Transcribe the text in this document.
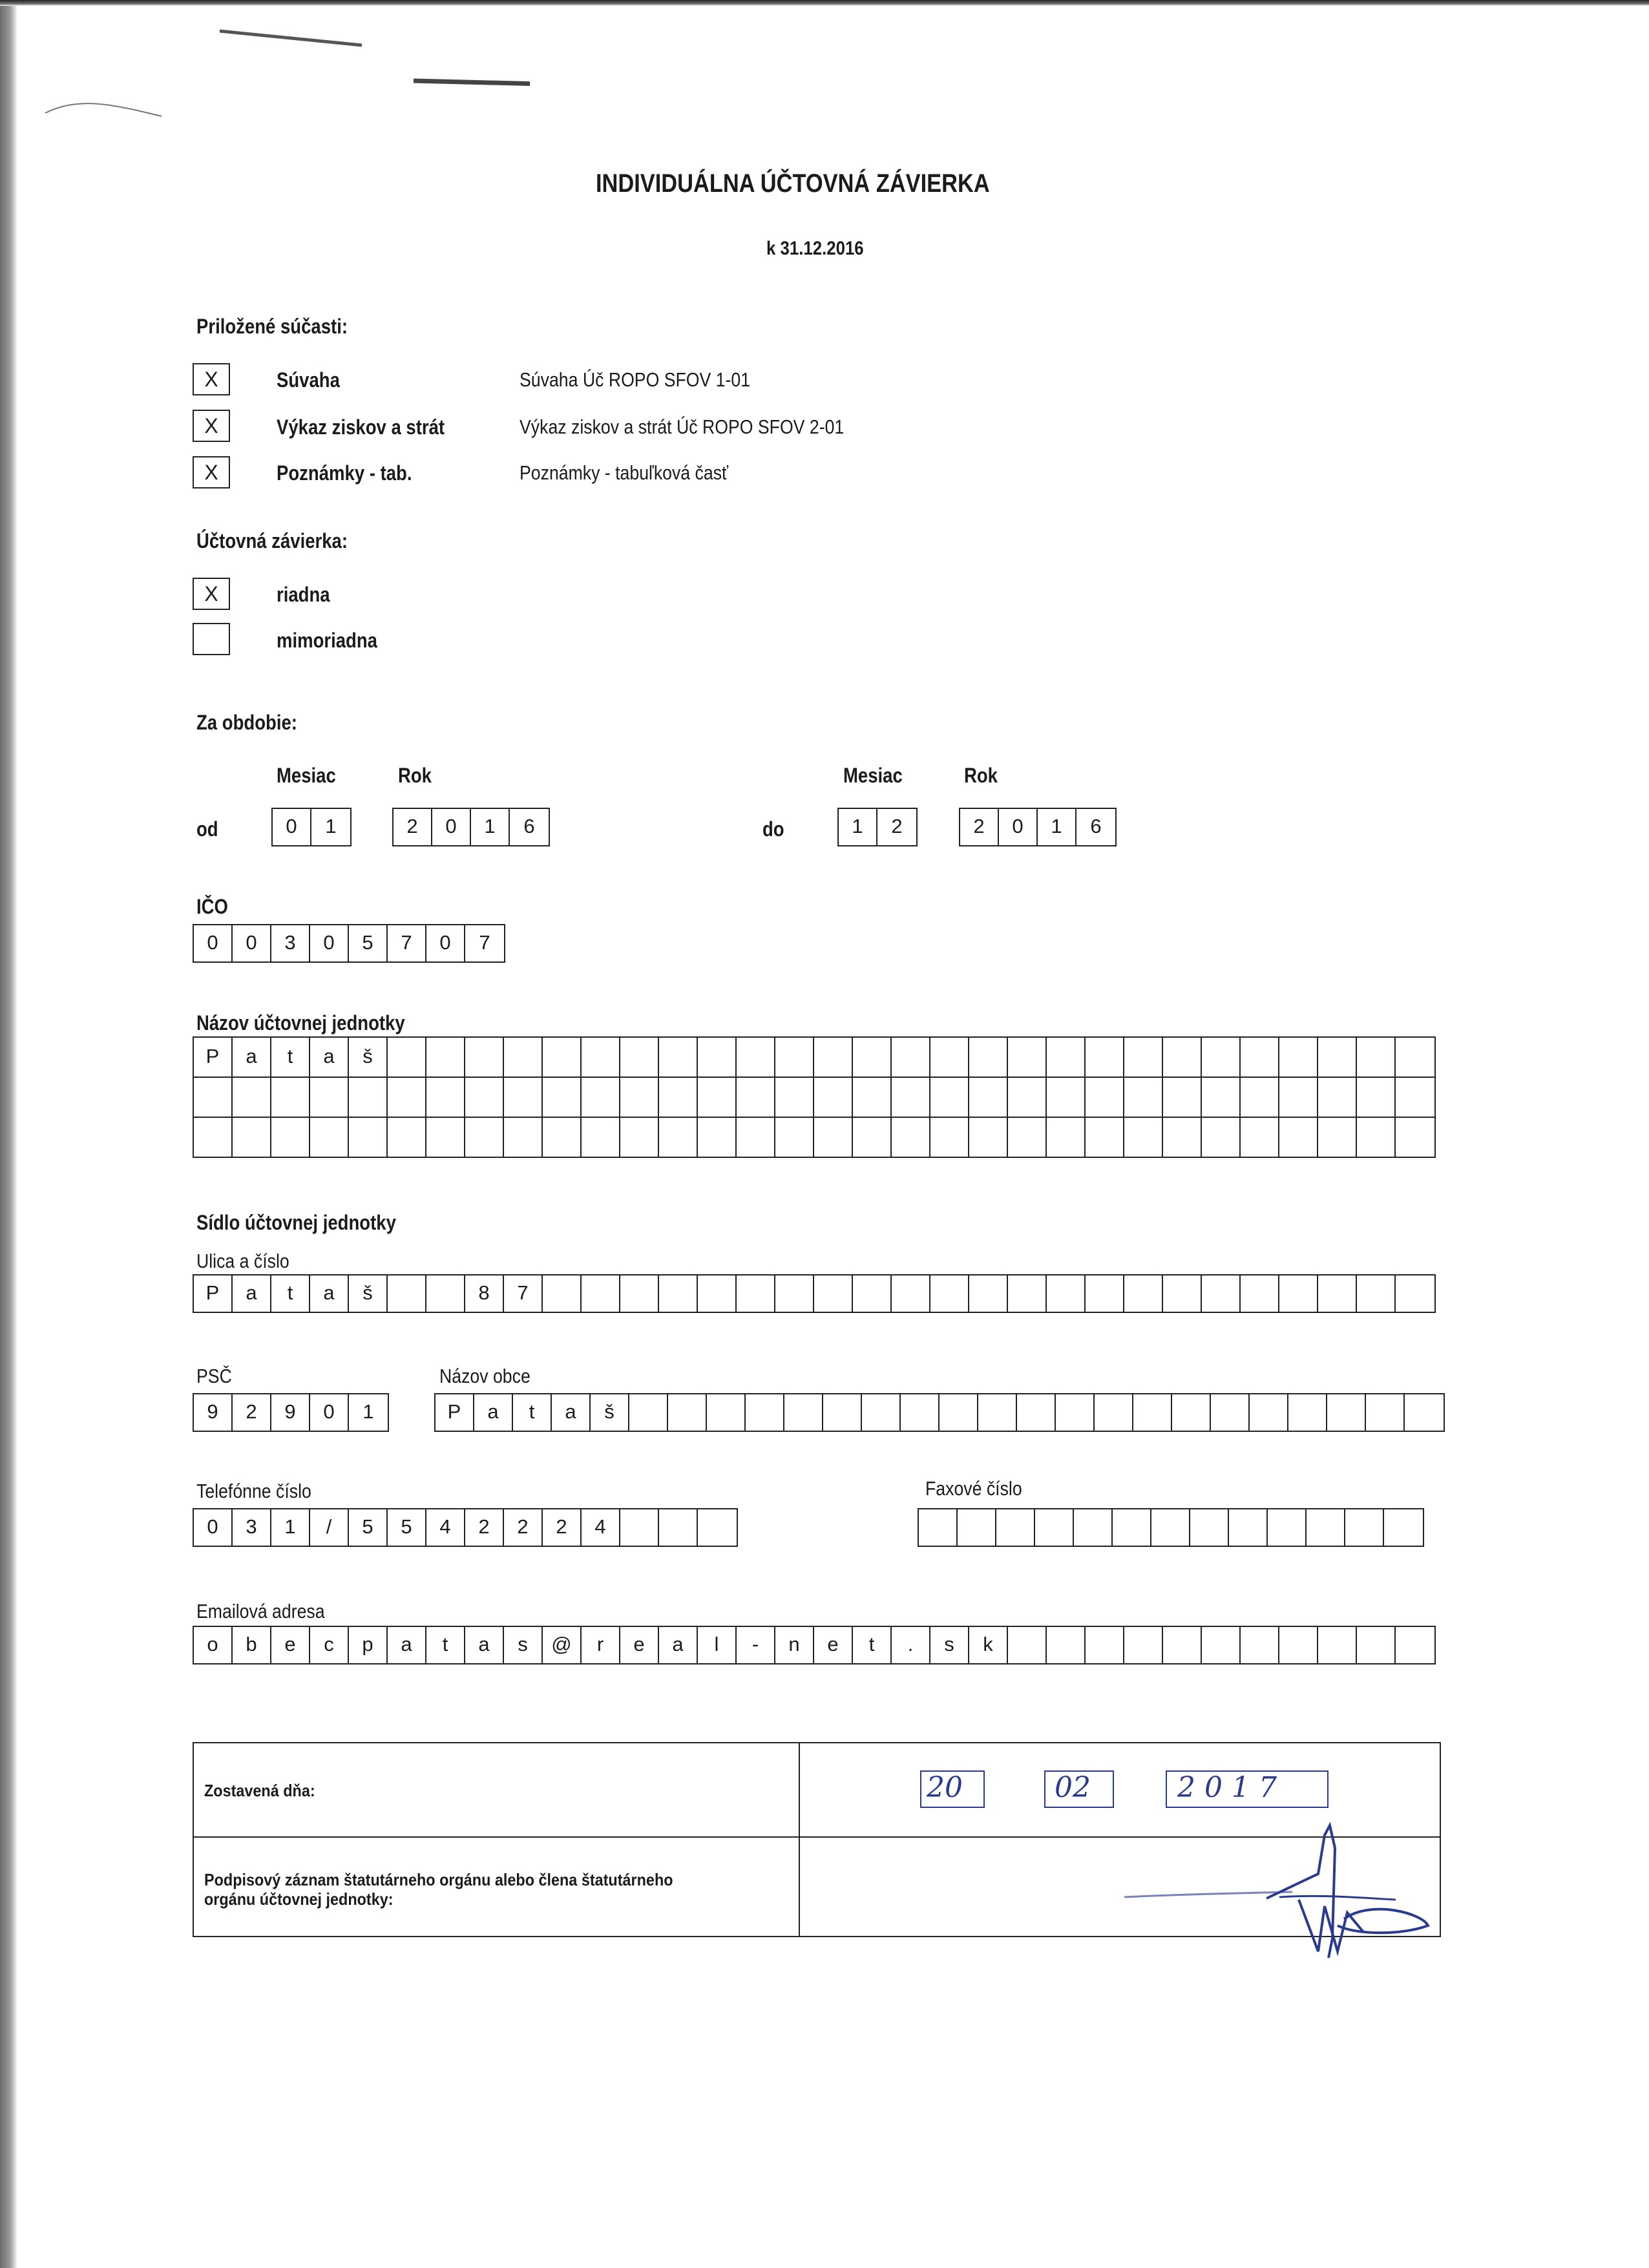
INDIVIDUÁLNA ÚČTOVNÁ ZÁVIERKA
k 31.12.2016
Priložené súčasti:
X	Súvaha	Súvaha Úč ROPO SFOV 1-01
X	Výkaz ziskov a strát	Výkaz ziskov a strát Úč ROPO SFOV 2-01
X	Poznámky - tab.	Poznámky - tabuľková časť
Účtovná závierka:
X	riadna
mimoriadna
Za obdobie:
Mesiac	Rok	Mesiac	Rok
od	0	1	2	0	1	6	do	1	2	2	0	1	6
IČO
0	0	3	0	5	7	0	7
Názov účtovnej jednotky
P	a	t	a	š
Sídlo účtovnej jednotky
Ulica a číslo
P	a	t	a	š	8	7
PSČ
9	2	9	0	1
Názov obce
P	a	t	a	š
Telefónne číslo
0	3	1	/	5	5	4	2	2	2	4
Faxové číslo
Emailová adresa
o	b	e	c	p	a	t	a	s	@	r	e	a	l	-	n	e	t	.	s	k
Zostavená dňa:	20	02	2017
Podpisový záznam štatutárneho orgánu alebo člena štatutárneho orgánu účtovnej jednotky:
